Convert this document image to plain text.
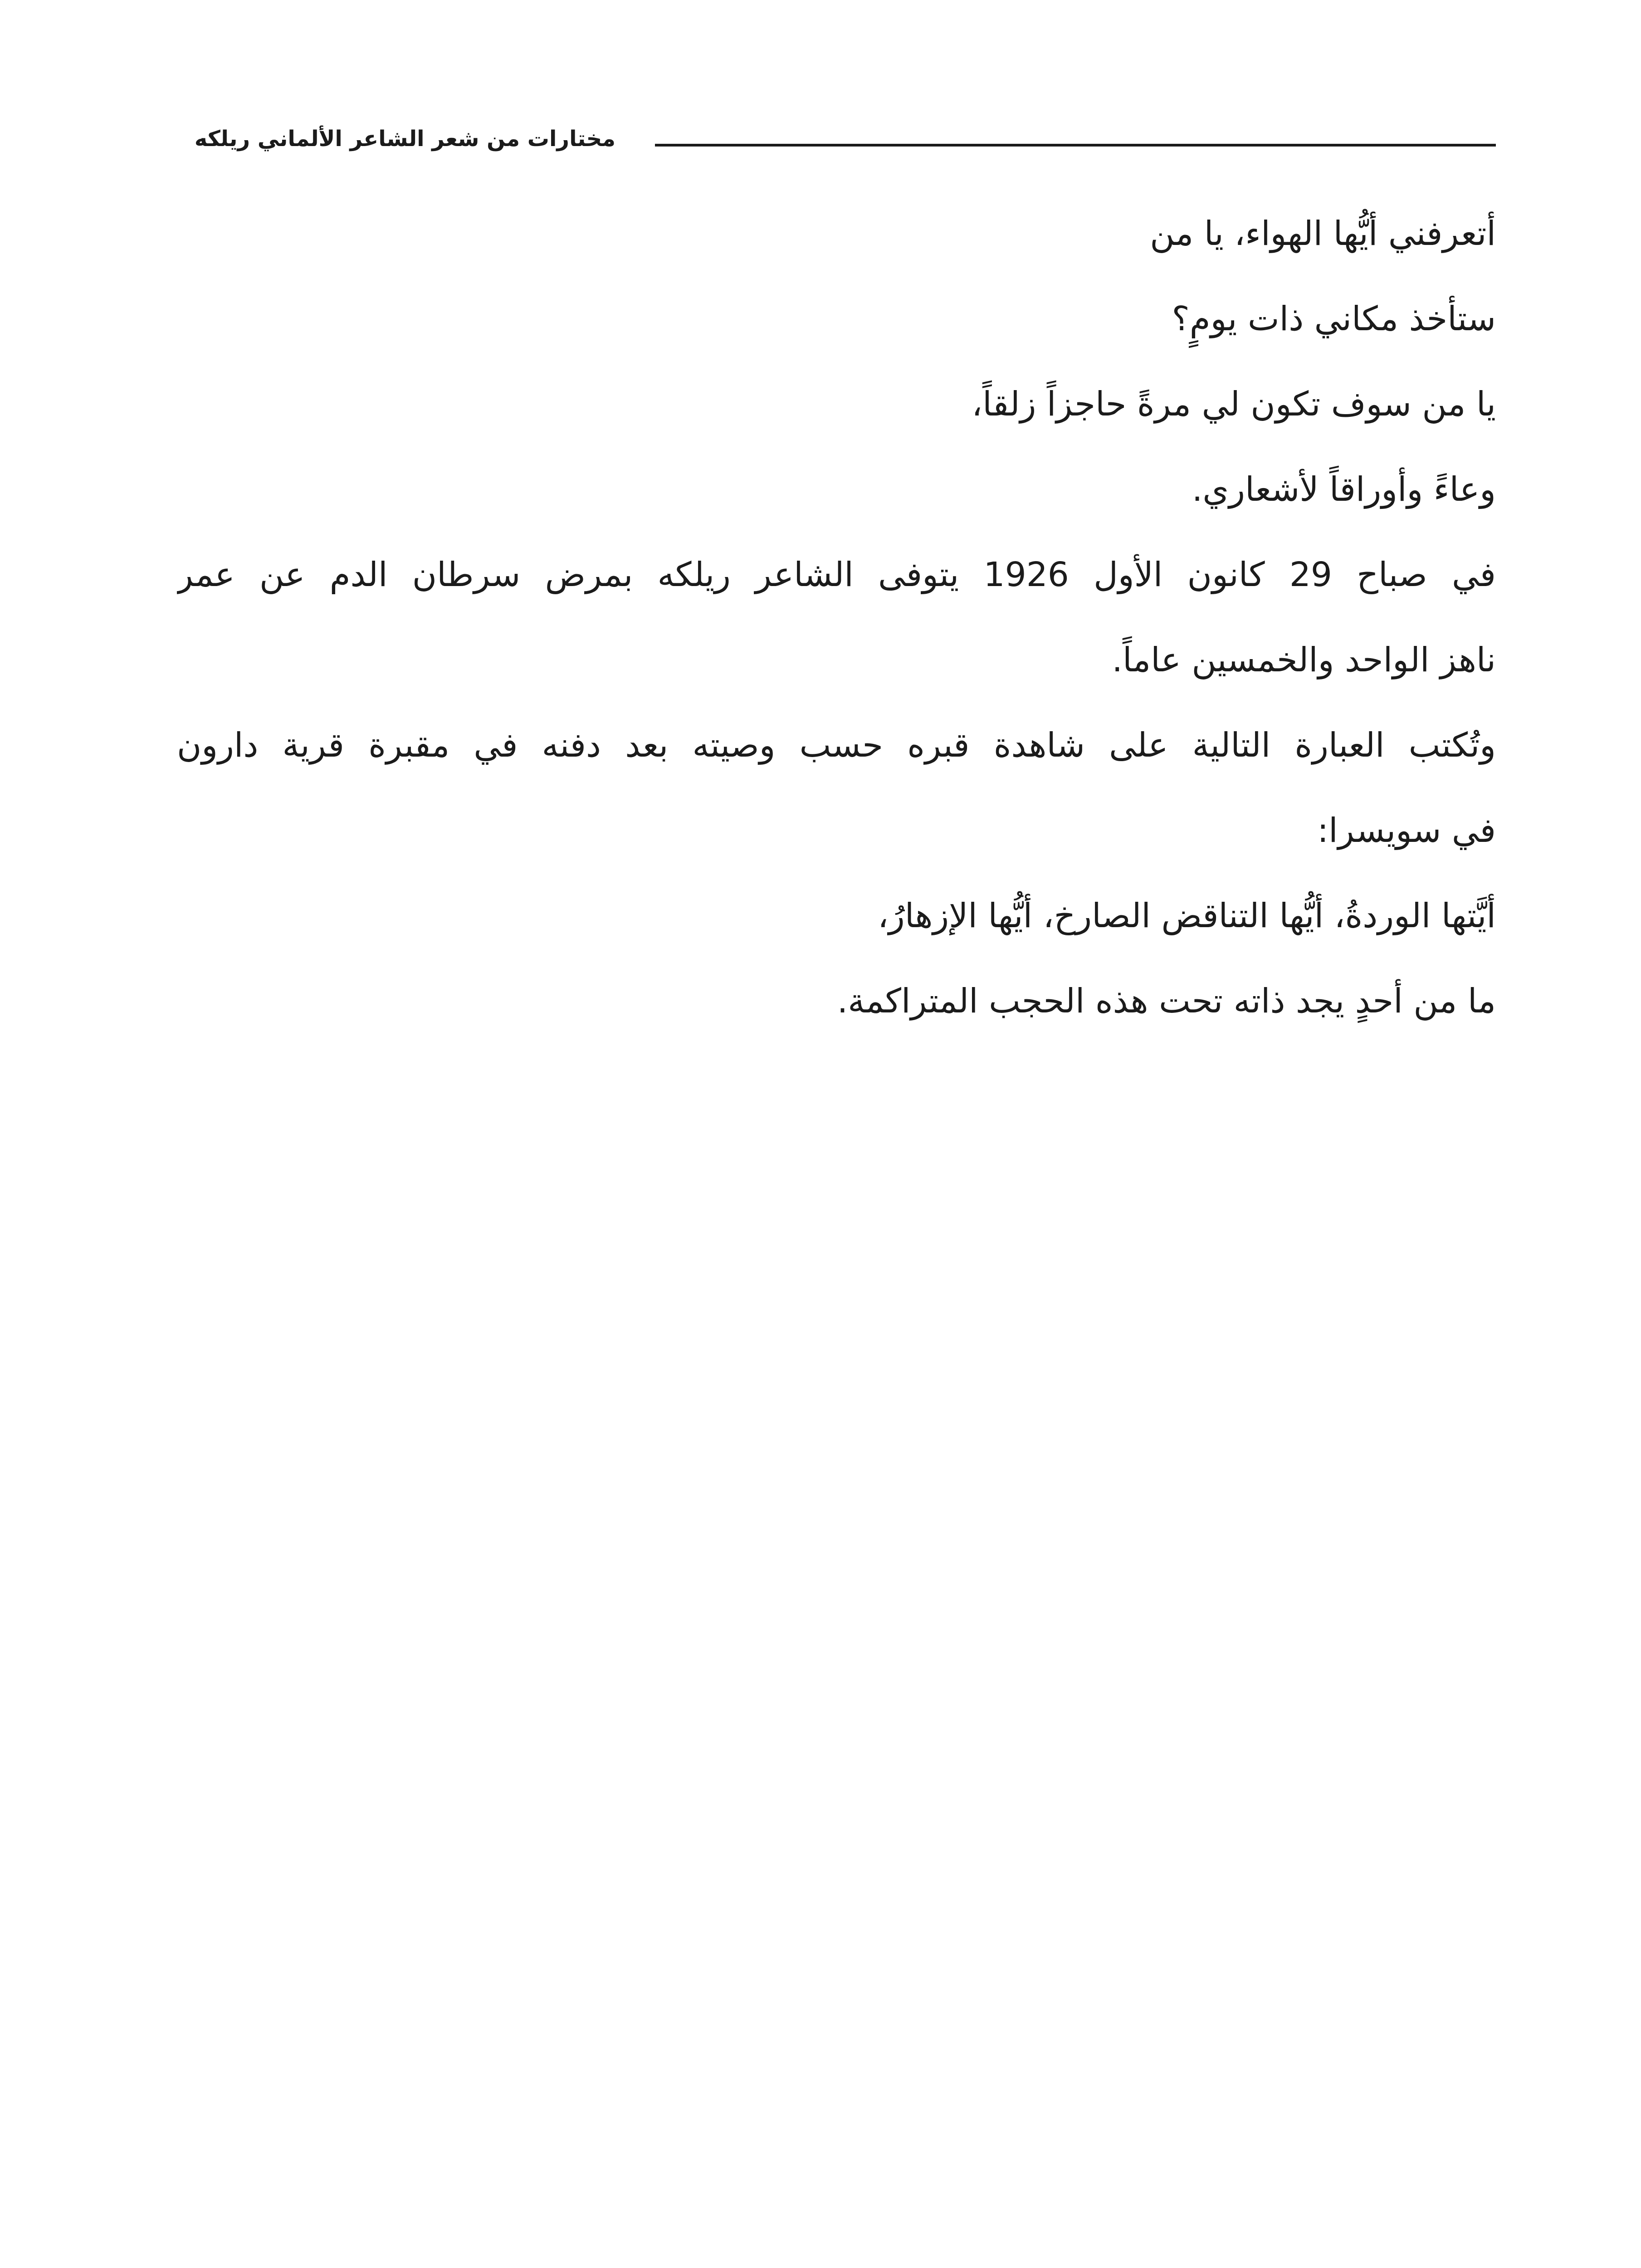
مختارات من شعر الشاعر الألماني ريلكه
أتعرفني أيُّها الهواء، يا من
ستأخذ مكاني ذات يومٍ؟
يا من سوف تكون لي مرةً حاجزاً زلقاً،
وعاءً وأوراقاً لأشعاري.
في صباح 29 كانون الأول 1926 يتوفى الشاعر ريلكه بمرض سرطان الدم عن عمر
ناهز الواحد والخمسين عاماً.
وتُكتب العبارة التالية على شاهدة قبره حسب وصيته بعد دفنه في مقبرة قرية دارون
في سويسرا:
أيَّتها الوردةُ، أيُّها التناقض الصارخ، أيُّها الإزهارُ،
ما من أحدٍ يجد ذاته تحت هذه الحجب المتراكمة.
